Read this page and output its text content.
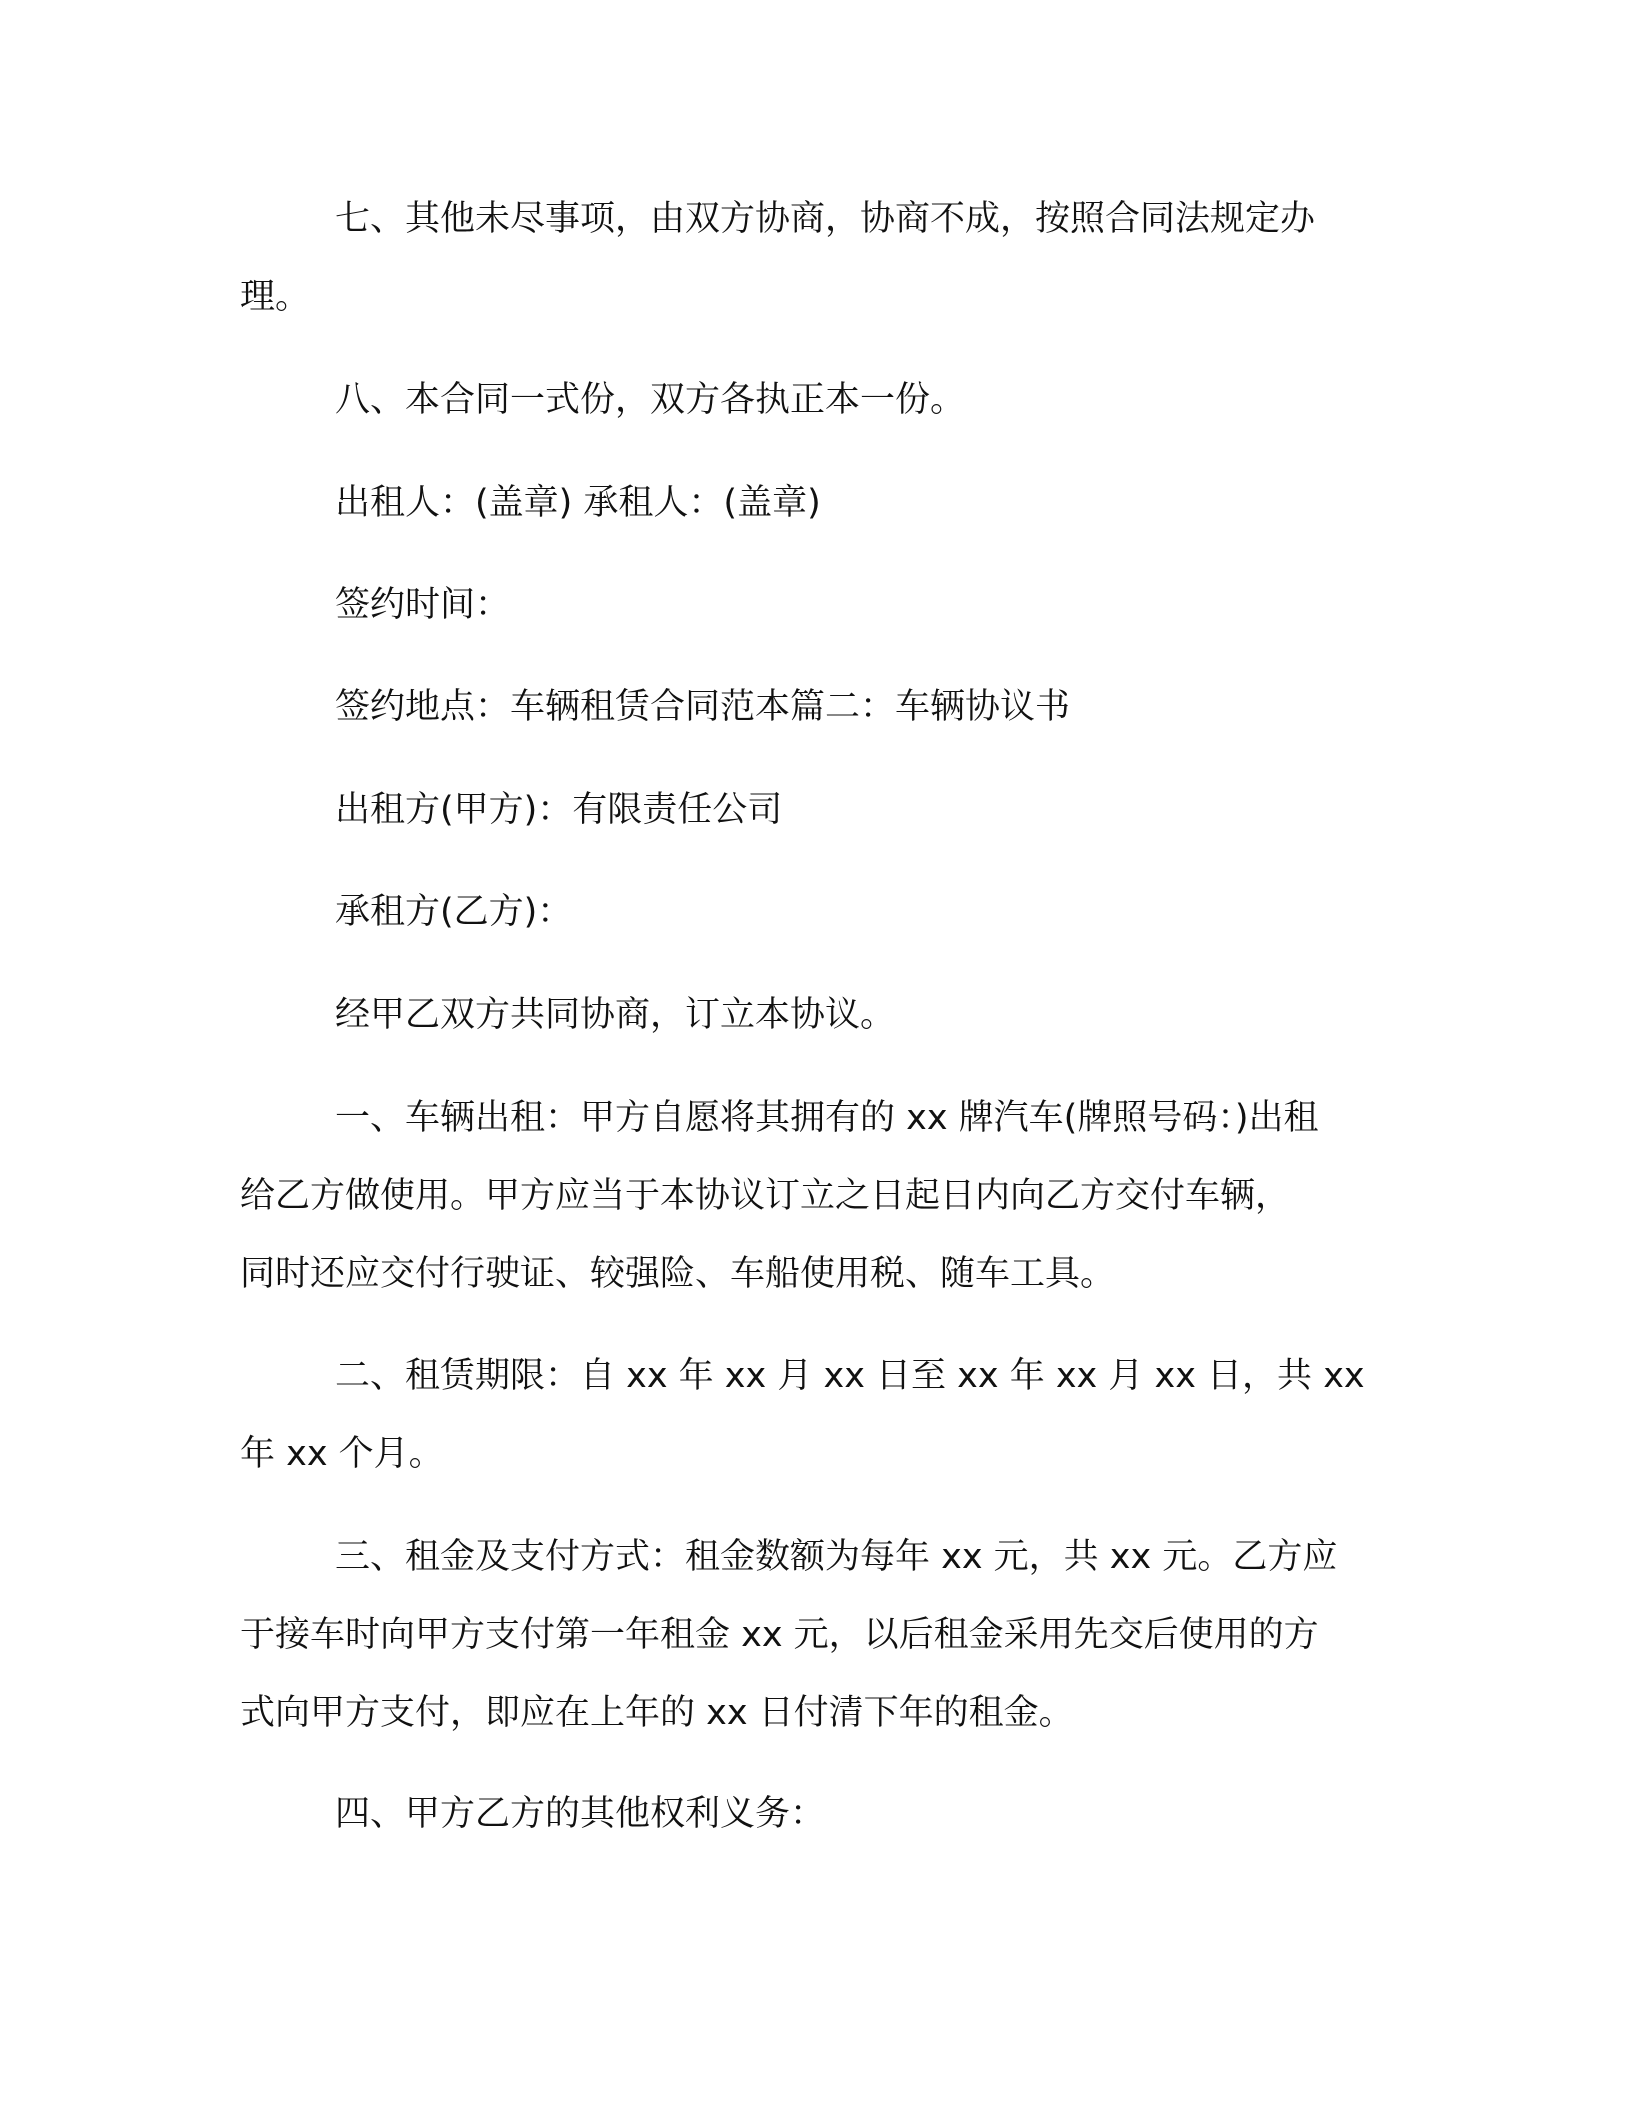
七、其他未尽事项，由双方协商，协商不成，按照合同法规定办
理。
八、本合同一式份，双方各执正本一份。
出租人：(盖章) 承租人：(盖章)
签约时间：
签约地点：车辆租赁合同范本篇二：车辆协议书
出租方(甲方)：有限责任公司
承租方(乙方)：
经甲乙双方共同协商，订立本协议。
一、车辆出租：甲方自愿将其拥有的 xx 牌汽车(牌照号码：)出租
给乙方做使用。甲方应当于本协议订立之日起日内向乙方交付车辆，
同时还应交付行驶证、较强险、车船使用税、随车工具。
二、租赁期限：自 xx 年 xx 月 xx 日至 xx 年 xx 月 xx 日，共 xx
年 xx 个月。
三、租金及支付方式：租金数额为每年 xx 元，共 xx 元。乙方应
于接车时向甲方支付第一年租金 xx 元，以后租金采用先交后使用的方
式向甲方支付，即应在上年的 xx 日付清下年的租金。
四、甲方乙方的其他权利义务：
